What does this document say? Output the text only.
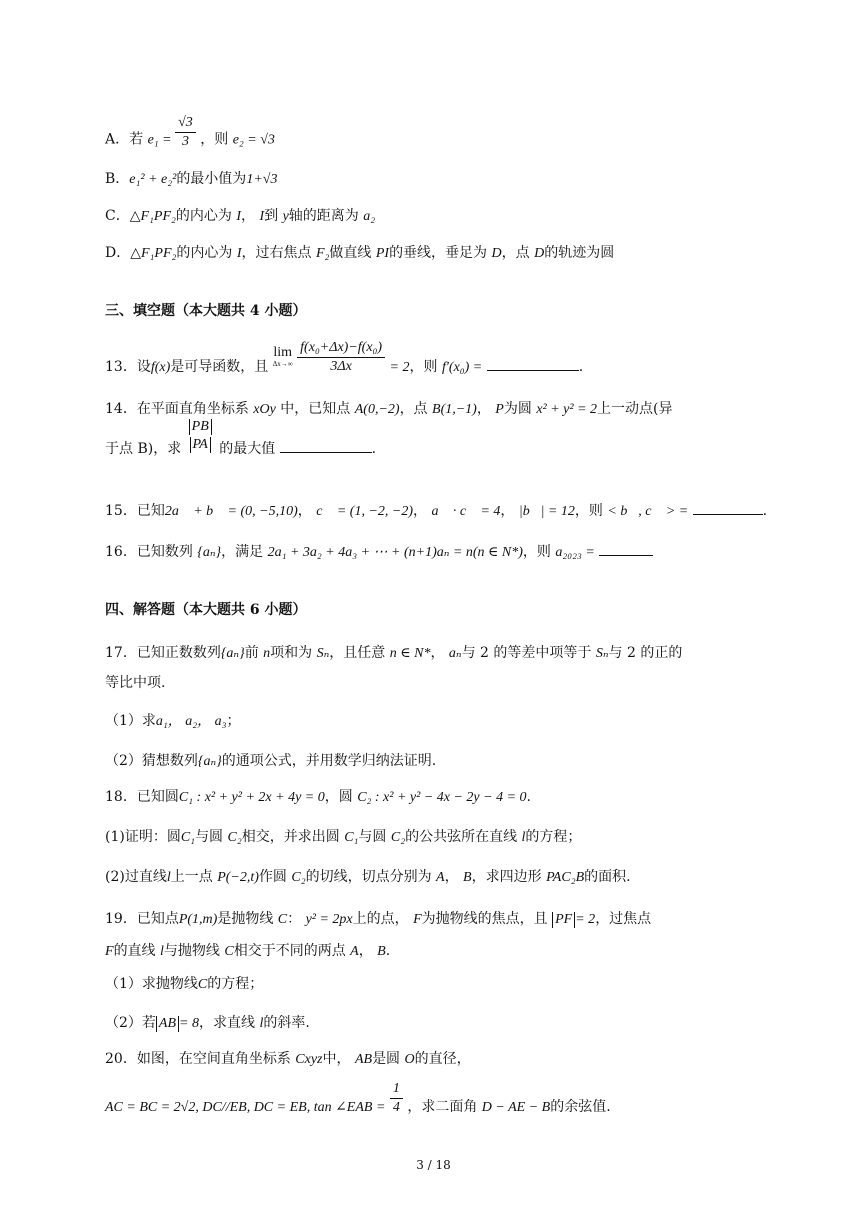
A．若 $e_1 = \frac{√3}{3}$ ，则 e₂ = √3
B．e₁² + e₂²的最小值为1+√3
C．△F₁PF₂的内心为 I， I到 y轴的距离为 a₂
D．△F₁PF₂的内心为 I，过右焦点 F₂做直线 PI的垂线，垂足为 D，点 D的轨迹为圆
三、填空题（本大题共 4 小题）
13．设f(x)是可导函数，且
lim
Δx→∞
$\frac{\text{f(x₀+Δx)−f(x₀)}}{3\Delta x} = 2$，则 f′(x₀) =	.
14．在平面直角坐标系 xOy 中，已知点 A(0,−2)，点 B(1,−1)， P为圆 x² + y² = 2上一动点(异
于点 B)，求
PB
PA 的最大值	.
15．已知2a⃗ + b⃗ = (0, −5,10)， c⃗ = (1, −2, −2)， a⃗ · c⃗ = 4， |b⃗| = 12，则 < b⃗, c⃗ > =	.
16．已知数列 {aₙ}，满足 2a₁ + 3a₂ + 4a₃ + ⋯ + (n+1)aₙ = n(n ∈ N*)，则 a₂₀₂₃ =
四、解答题（本大题共 6 小题）
17．已知正数数列{aₙ}前 n项和为 Sₙ，且任意 n ∈ N*， aₙ与 2 的等差中项等于 Sₙ与 2 的正的
等比中项.
（1）求a₁， a₂， a₃；
（2）猜想数列{aₙ}的通项公式，并用数学归纳法证明.
18．已知圆C₁ : x² + y² + 2x + 4y = 0，圆 C₂ : x² + y² − 4x − 2y − 4 = 0.
(1)证明：圆C₁与圆 C₂相交，并求出圆 C₁与圆 C₂的公共弦所在直线 l的方程；
(2)过直线l上一点 P(−2,t)作圆 C₂的切线，切点分别为 A， B，求四边形 PAC₂B的面积.
19．已知点P(1,m)是抛物线 C： y² = 2px上的点， F为抛物线的焦点，且 PF = 2，过焦点
F的直线 l与抛物线 C相交于不同的两点 A， B.
（1）求抛物线C的方程；
（2）若 AB = 8，求直线 l的斜率.
20．如图，在空间直角坐标系 Cxyz中， AB是圆 O的直径，
AC = BC = 2√2, DC//EB, DC = EB, tan ∠EAB = $\frac{1}{4}$ ，求二面角 D − AE − B的余弦值.
3 / 18
